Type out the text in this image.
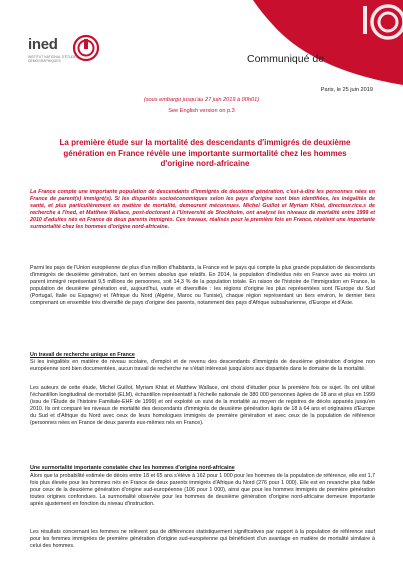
ined
INSTITUT NATIONAL D'ÉTUDES DÉMOGRAPHIQUES	Communiqué de PRESSE
Paris, le 25 juin 2019
(sous embargo jusqu'au 27 juin 2019 à 00h01)
See English version on p.3
La première étude sur la mortalité des descendants d'immigrés de deuxième génération en France révèle une importante surmortalité chez les hommes d'origine nord-africaine
La France compte une importante population de descendants d'immigrés de deuxième génération, c'est-à-dire les personnes nées en France de parent(s) immigré(s). Si les disparités socioéconomiques selon les pays d'origine sont bien identifiées, les inégalités de santé, et plus particulièrement en matière de mortalité, demeurent méconnues. Michel Guillot et Myriam Khlat, directeur.rice.s de recherche à l'Ined, et Matthew Wallace, post-doctorant à l'Université de Stockholm, ont analysé les niveaux de mortalité entre 1999 et 2010 d'adultes nés en France de deux parents immigrés. Ces travaux, réalisés pour la première fois en France, révèlent une importante surmortalité chez les hommes d'origine nord-africaine.
Parmi les pays de l'Union européenne de plus d'un million d'habitants, la France est le pays qui compte la plus grande population de descendants d'immigrés de deuxième génération, tant en termes absolus que relatifs. En 2014, la population d'individus nés en France avec au moins un parent immigré représentait 9,5 millions de personnes, soit 14,3 % de la population totale. En raison de l'histoire de l'immigration en France, la population de deuxième génération est, aujourd'hui, vaste et diversifiée : les régions d'origine les plus représentées sont l'Europe du Sud (Portugal, Italie ou Espagne) et l'Afrique du Nord (Algérie, Maroc ou Tunisie), chaque région représentant un tiers environ, le dernier tiers comprenant un ensemble très diversifié de pays d'origine des parents, notamment des pays d'Afrique subsaharienne, d'Europe et d'Asie.
Un travail de recherche unique en France
Si les inégalités en matière de niveau scolaire, d'emploi et de revenu des descendants d'immigrés de deuxième génération d'origine non européenne sont bien documentées, aucun travail de recherche ne s'était intéressé jusqu'alors aux disparités dans le domaine de la mortalité.
Les auteurs de cette étude, Michel Guillot, Myriam Khlat et Matthew Wallace, ont choisi d'étudier pour la première fois ce sujet. Ils ont utilisé l'échantillon longitudinal de mortalité (ELM), échantillon représentatif à l'échelle nationale de 380 000 personnes âgées de 18 ans et plus en 1999 (issu de l'Étude de l'histoire Familiale-EHF de 1999) et ont exploité un suivi de la mortalité au moyen de registres de décès appariés jusqu'en 2010. Ils ont comparé les niveaux de mortalité des descendants d'immigrés de deuxième génération âgés de 18 à 64 ans et originaires d'Europe du Sud et d'Afrique du Nord avec ceux de leurs homologues immigrés de première génération et avec ceux de la population de référence (personnes nées en France de deux parents eux-mêmes nés en France).
Une surmortalité importante constatée chez les hommes d'origine nord-africaine
Alors que la probabilité estimée de décès entre 18 et 65 ans s'élève à 162 pour 1 000 pour les hommes de la population de référence, elle est 1,7 fois plus élevée pour les hommes nés en France de deux parents immigrés d'Afrique du Nord (276 pour 1 000). Elle est en revanche plus faible pour ceux de la deuxième génération d'origine sud-européenne (106 pour 1 000), ainsi que pour les hommes immigrés de première génération toutes origines confondues. La surmortalité observée pour les hommes de deuxième génération d'origine nord-africaine demeure importante après ajustement en fonction du niveau d'instruction.
Les résultats concernant les femmes ne relèvent pas de différences statistiquement significatives par rapport à la population de référence sauf pour les femmes immigrées de première génération d'origine sud-européenne qui bénéficient d'un avantage en matière de mortalité similaire à celui des hommes.
